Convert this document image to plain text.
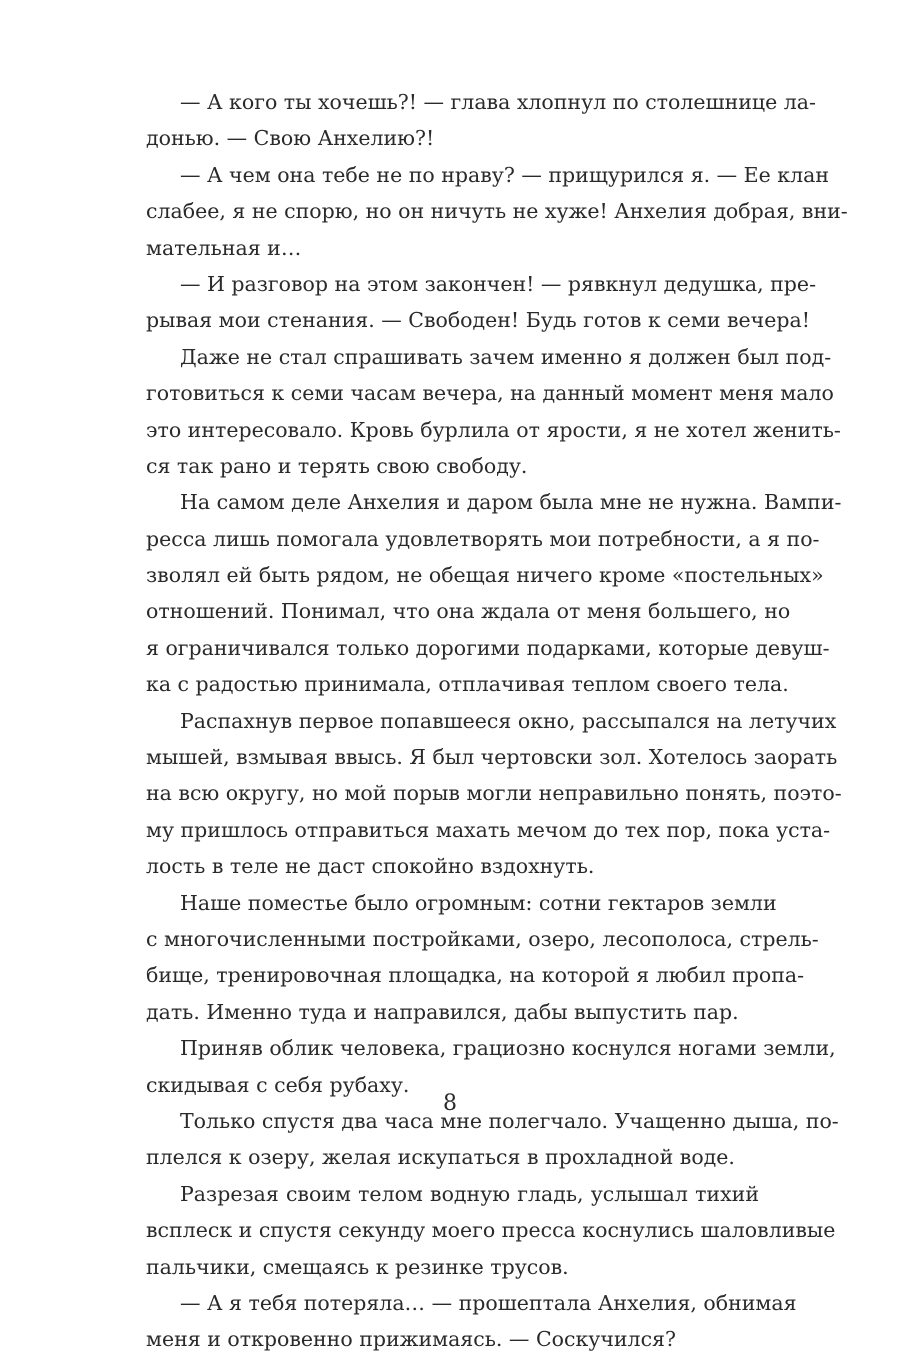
— А кого ты хочешь?! — глава хлопнул по столешнице ла-
донью. — Свою Анхелию?!
— А чем она тебе не по нраву? — прищурился я. — Ее клан
слабее, я не спорю, но он ничуть не хуже! Анхелия добрая, вни-
мательная и…
— И разговор на этом закончен! — рявкнул дедушка, пре-
рывая мои стенания. — Свободен! Будь готов к семи вечера!
Даже не стал спрашивать зачем именно я должен был под-
готовиться к семи часам вечера, на данный момент меня мало
это интересовало. Кровь бурлила от ярости, я не хотел женить-
ся так рано и терять свою свободу.
На самом деле Анхелия и даром была мне не нужна. Вампи-
ресса лишь помогала удовлетворять мои потребности, а я по-
зволял ей быть рядом, не обещая ничего кроме «постельных»
отношений. Понимал, что она ждала от меня большего, но
я ограничивался только дорогими подарками, которые девуш-
ка с радостью принимала, отплачивая теплом своего тела.
Распахнув первое попавшееся окно, рассыпался на летучих
мышей, взмывая ввысь. Я был чертовски зол. Хотелось заорать
на всю округу, но мой порыв могли неправильно понять, поэто-
му пришлось отправиться махать мечом до тех пор, пока уста-
лость в теле не даст спокойно вздохнуть.
Наше поместье было огромным: сотни гектаров земли
с многочисленными постройками, озеро, лесополоса, стрель-
бище, тренировочная площадка, на которой я любил пропа-
дать. Именно туда и направился, дабы выпустить пар.
Приняв облик человека, грациозно коснулся ногами земли,
скидывая с себя рубаху.
Только спустя два часа мне полегчало. Учащенно дыша, по-
плелся к озеру, желая искупаться в прохладной воде.
Разрезая своим телом водную гладь, услышал тихий
всплеск и спустя секунду моего пресса коснулись шаловливые
пальчики, смещаясь к резинке трусов.
— А я тебя потеряла… — прошептала Анхелия, обнимая
меня и откровенно прижимаясь. — Соскучился?
8
